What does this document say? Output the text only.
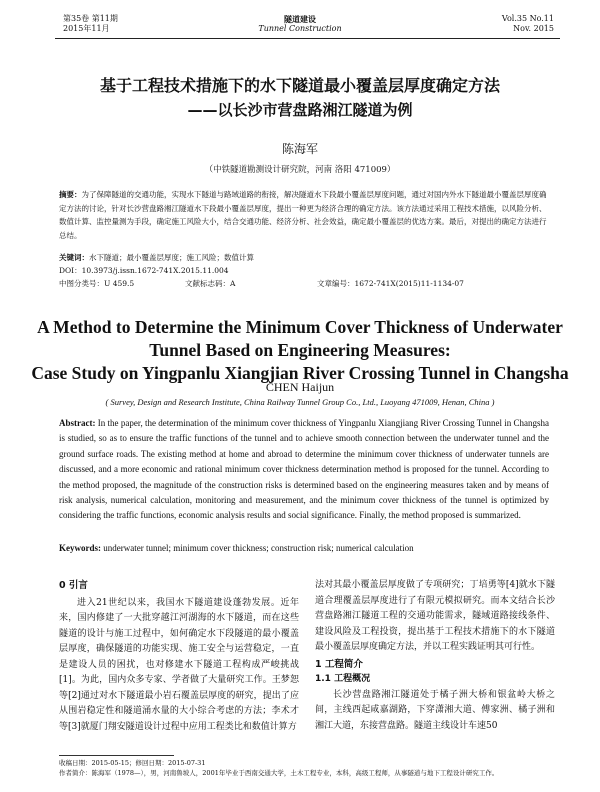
第35卷 第11期
2015年11月
隧道建设
Tunnel Construction
Vol.35 No.11
Nov. 2015
基于工程技术措施下的水下隧道最小覆盖层厚度确定方法
——以长沙市营盘路湘江隧道为例
陈海军
（中铁隧道勘测设计研究院，河南 洛阳 471009）
摘要：为了保障隧道的交通功能，实现水下隧道与路域道路的衔接，解决隧道水下段最小覆盖层厚度问题，通过对国内外水下隧道最小覆盖层厚度确定方法的讨论，针对长沙营盘路湘江隧道水下段最小覆盖层厚度，提出一种更为经济合理的确定方法。该方法通过采用工程技术措施，以风险分析、数值计算、监控量测为手段，确定施工风险大小，结合交通功能、经济分析、社会效益，确定最小覆盖层的优选方案。最后，对提出的确定方法进行总结。
关键词：水下隧道；最小覆盖层厚度；施工风险；数值计算
DOI：10.3973/j.issn.1672-741X.2015.11.004
中图分类号：U 459.5	文献标志码：A	文章编号：1672-741X(2015)11-1134-07
A Method to Determine the Minimum Cover Thickness of Underwater
Tunnel Based on Engineering Measures:
Case Study on Yingpanlu Xiangjian River Crossing Tunnel in Changsha
CHEN Haijun
( Survey, Design and Research Institute, China Railway Tunnel Group Co., Ltd., Luoyang 471009, Henan, China )
Abstract: In the paper, the determination of the minimum cover thickness of Yingpanlu Xiangjiang River Crossing Tunnel in Changsha is studied, so as to ensure the traffic functions of the tunnel and to achieve smooth connection between the underwater tunnel and the ground surface roads. The existing method at home and abroad to determine the minimum cover thickness of underwater tunnels are discussed, and a more economic and rational minimum cover thickness determination method is proposed for the tunnel. According to the method proposed, the magnitude of the construction risks is determined based on the engineering measures taken and by means of risk analysis, numerical calculation, monitoring and measurement, and the minimum cover thickness of the tunnel is optimized by considering the traffic functions, economic analysis results and social significance. Finally, the method proposed is summarized.
Keywords: underwater tunnel; minimum cover thickness; construction risk; numerical calculation
0 引言
进入21世纪以来，我国水下隧道建设蓬勃发展。近年来，国内修建了一大批穿越江河湖海的水下隧道，而在这些隧道的设计与施工过程中，如何确定水下段隧道的最小覆盖层厚度，确保隧道的功能实现、施工安全与运营稳定，一直是建设人员的困扰，也对修建水下隧道工程构成严峻挑战[1]。为此，国内众多专家、学者做了大量研究工作。王梦恕等[2]通过对水下隧道最小岩石覆盖层厚度的研究，提出了应从围岩稳定性和隧道涌水量的大小综合考虑的方法；李术才等[3]就厦门翔安隧道设计过程中应用工程类比和数值计算方
法对其最小覆盖层厚度做了专项研究；丁培勇等[4]就水下隧道合理覆盖层厚度进行了有限元模拟研究。而本文结合长沙营盘路湘江隧道工程的交通功能需求，隧域道路接线条件、建设风险及工程投资，提出基于工程技术措施下的水下隧道最小覆盖层厚度确定方法，并以工程实践证明其可行性。
1 工程简介
1.1 工程概况
长沙营盘路湘江隧道处于橘子洲大桥和银盆岭大桥之间，主线西起咸嘉湖路，下穿潇湘大道、傅家洲、橘子洲和湘江大道，东接营盘路。隧道主线设计车速50
收稿日期：2015-05-15；修回日期：2015-07-31
作者简介：陈海军（1978—），男，河南鲁坡人，2001年毕业于西南交通大学，土木工程专业，本科，高级工程师，从事隧道与地下工程设计研究工作。
